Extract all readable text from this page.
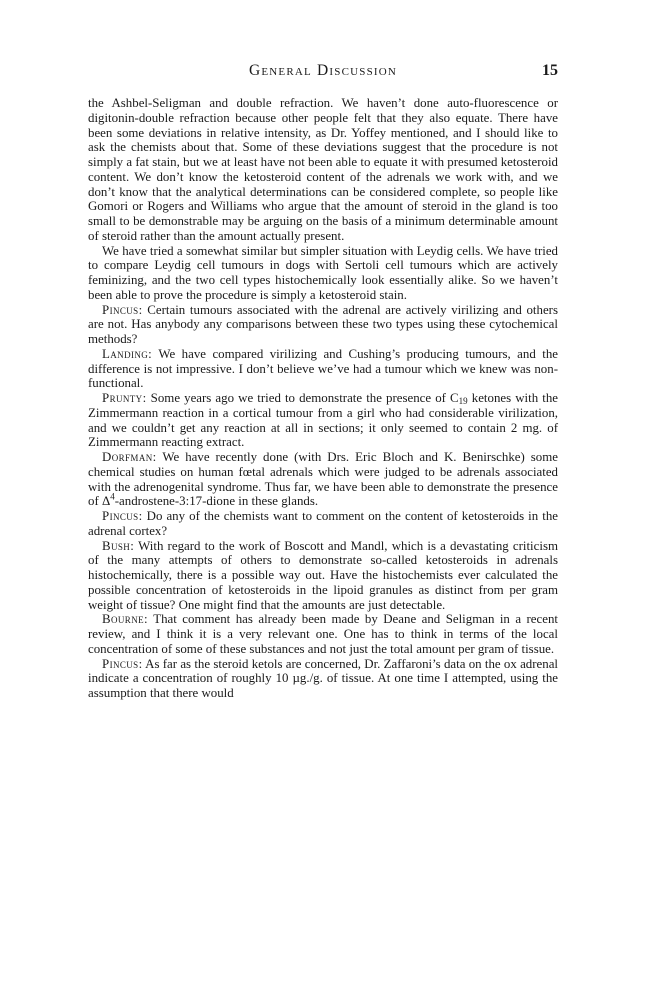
General Discussion	15

the Ashbel-Seligman and double refraction. We haven’t done auto-fluorescence or digitonin-double refraction because other people felt that they also equate. There have been some deviations in relative intensity, as Dr. Yoffey mentioned, and I should like to ask the chemists about that. Some of these deviations suggest that the procedure is not simply a fat stain, but we at least have not been able to equate it with presumed ketosteroid content. We don’t know the ketosteroid content of the adrenals we work with, and we don’t know that the analytical determinations can be considered complete, so people like Gomori or Rogers and Williams who argue that the amount of steroid in the gland is too small to be demonstrable may be arguing on the basis of a minimum determinable amount of steroid rather than the amount actually present.

We have tried a somewhat similar but simpler situation with Leydig cells. We have tried to compare Leydig cell tumours in dogs with Sertoli cell tumours which are actively feminizing, and the two cell types histochemically look essentially alike. So we haven’t been able to prove the procedure is simply a ketosteroid stain.

Pincus: Certain tumours associated with the adrenal are actively virilizing and others are not. Has anybody any comparisons between these two types using these cytochemical methods?

Landing: We have compared virilizing and Cushing’s producing tumours, and the difference is not impressive. I don’t believe we’ve had a tumour which we knew was non-functional.

Prunty: Some years ago we tried to demonstrate the presence of $C_{19}$ ketones with the Zimmermann reaction in a cortical tumour from a girl who had considerable virilization, and we couldn’t get any reaction at all in sections; it only seemed to contain 2 mg. of Zimmermann reacting extract.

Dorfman: We have recently done (with Drs. Eric Bloch and K. Benirschke) some chemical studies on human fœtal adrenals which were judged to be adrenals associated with the adrenogenital syndrome. Thus far, we have been able to demonstrate the presence of $\Delta^4-androstene-3:17$-dione in these glands.

Pincus: Do any of the chemists want to comment on the content of ketosteroids in the adrenal cortex?

Bush: With regard to the work of Boscott and Mandl, which is a devastating criticism of the many attempts of others to demonstrate so-called ketosteroids in adrenals histochemically, there is a possible way out. Have the histochemists ever calculated the possible concentration of ketosteroids in the lipoid granules as distinct from per gram weight of tissue? One might find that the amounts are just detectable.

Bourne: That comment has already been made by Deane and Seligman in a recent review, and I think it is a very relevant one. One has to think in terms of the local concentration of some of these substances and not just the total amount per gram of tissue.

Pincus: As far as the steroid ketols are concerned, Dr. Zaffaroni’s data on the ox adrenal indicate a concentration of roughly 10 µg./g. of tissue. At one time I attempted, using the assumption that there would
